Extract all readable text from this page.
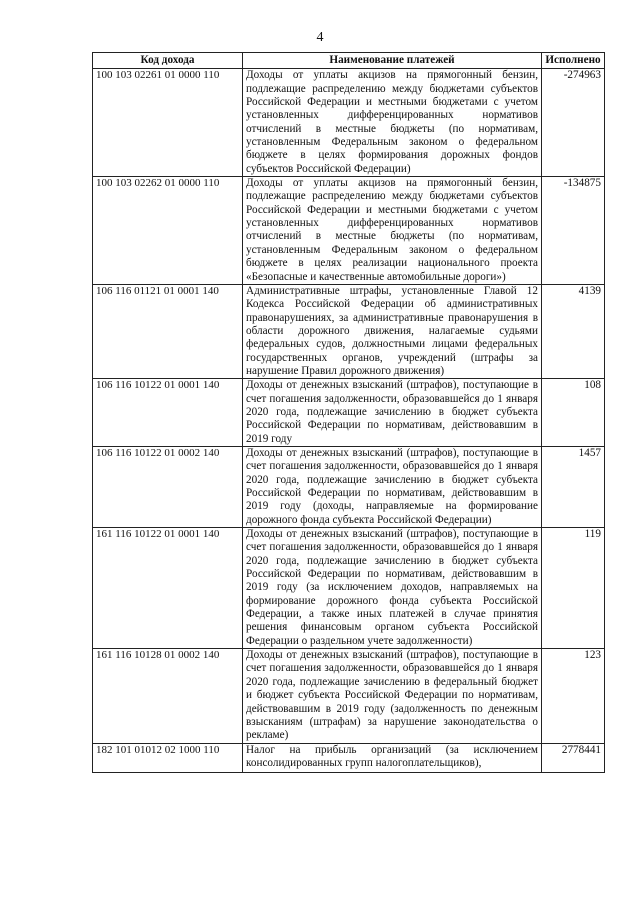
4
Код дохода	Наименование платежей	Исполнено
100 103 02261 01 0000 110	Доходы от уплаты акцизов на прямогонный бензин, подлежащие распределению между бюджетами субъектов Российской Федерации и местными бюджетами с учетом установленных дифференцированных нормативов отчислений в местные бюджеты (по нормативам, установленным Федеральным законом о федеральном бюджете в целях формирования дорожных фондов субъектов Российской Федерации)	-274963
100 103 02262 01 0000 110	Доходы от уплаты акцизов на прямогонный бензин, подлежащие распределению между бюджетами субъектов Российской Федерации и местными бюджетами с учетом установленных дифференцированных нормативов отчислений в местные бюджеты (по нормативам, установленным Федеральным законом о федеральном бюджете в целях реализации национального проекта «Безопасные и качественные автомобильные дороги»)	-134875
106 116 01121 01 0001 140	Административные штрафы, установленные Главой 12 Кодекса Российской Федерации об административных правонарушениях, за административные правонарушения в области дорожного движения, налагаемые судьями федеральных судов, должностными лицами федеральных государственных органов, учреждений (штрафы за нарушение Правил дорожного движения)	4139
106 116 10122 01 0001 140	Доходы от денежных взысканий (штрафов), поступающие в счет погашения задолженности, образовавшейся до 1 января 2020 года, подлежащие зачислению в бюджет субъекта Российской Федерации по нормативам, действовавшим в 2019 году	108
106 116 10122 01 0002 140	Доходы от денежных взысканий (штрафов), поступающие в счет погашения задолженности, образовавшейся до 1 января 2020 года, подлежащие зачислению в бюджет субъекта Российской Федерации по нормативам, действовавшим в 2019 году (доходы, направляемые на формирование дорожного фонда субъекта Российской Федерации)	1457
161 116 10122 01 0001 140	Доходы от денежных взысканий (штрафов), поступающие в счет погашения задолженности, образовавшейся до 1 января 2020 года, подлежащие зачислению в бюджет субъекта Российской Федерации по нормативам, действовавшим в 2019 году (за исключением доходов, направляемых на формирование дорожного фонда субъекта Российской Федерации, а также иных платежей в случае принятия решения финансовым органом субъекта Российской Федерации о раздельном учете задолженности)	119
161 116 10128 01 0002 140	Доходы от денежных взысканий (штрафов), поступающие в счет погашения задолженности, образовавшейся до 1 января 2020 года, подлежащие зачислению в федеральный бюджет и бюджет субъекта Российской Федерации по нормативам, действовавшим в 2019 году (задолженность по денежным взысканиям (штрафам) за нарушение законодательства о рекламе)	123
182 101 01012 02 1000 110	Налог на прибыль организаций (за исключением консолидированных групп налогоплательщиков),	2778441
